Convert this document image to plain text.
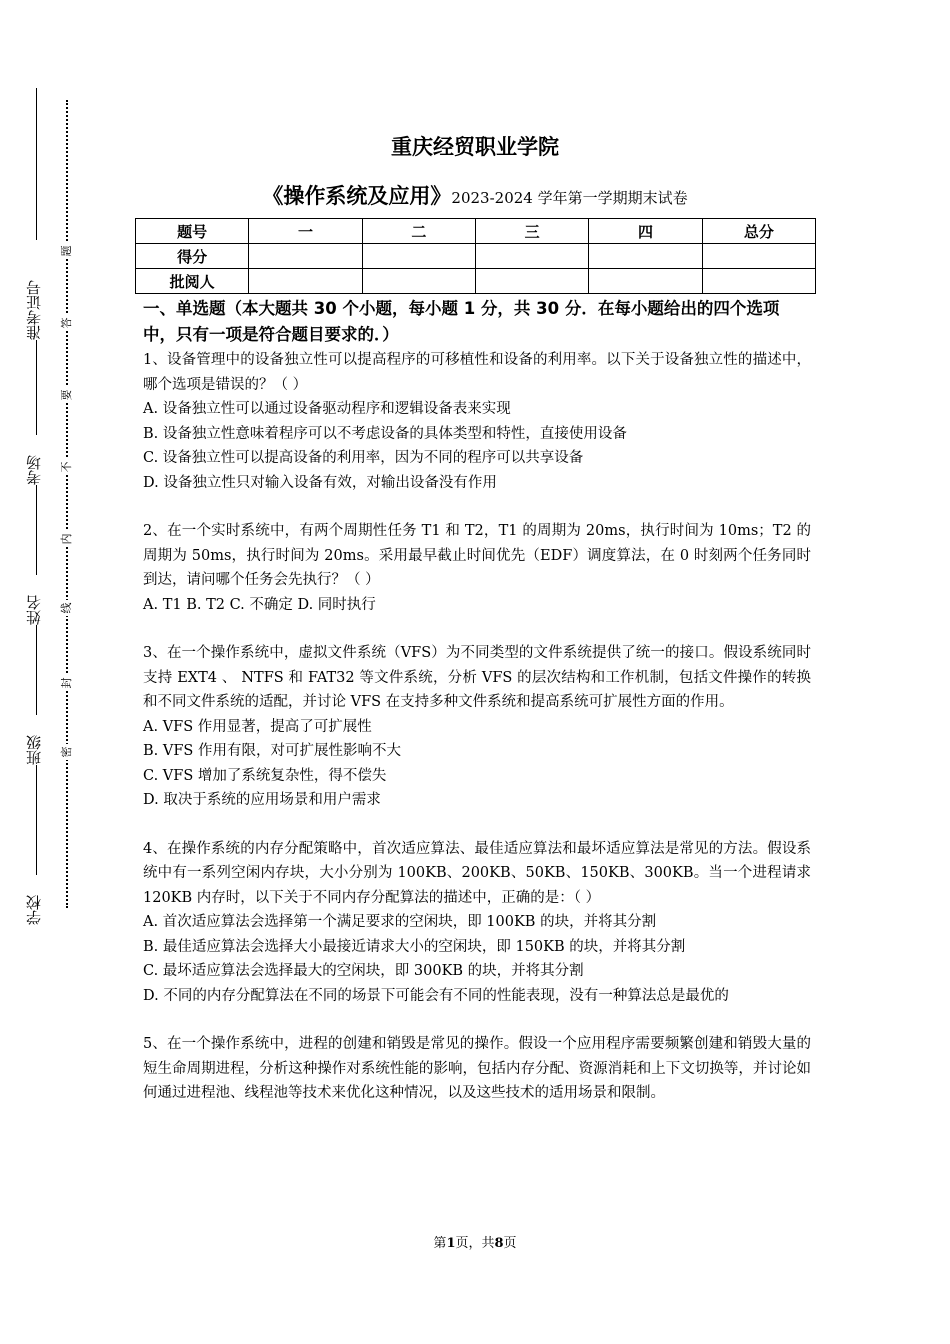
准考证号
考场
姓名
班级
学校
密
封
线
内
不
要
答
题
重庆经贸职业学院
《操作系统及应用》2023-2024 学年第一学期期末试卷
题号	一	二	三	四	总分
得分					
批阅人					
一、单选题（本大题共 30 个小题，每小题 1 分，共 30 分．在每小题给出的四个选项中，只有一项是符合题目要求的．）

1、设备管理中的设备独立性可以提高程序的可移植性和设备的利用率。以下关于设备独立性的描述中，哪个选项是错误的？（ ）

A. 设备独立性可以通过设备驱动程序和逻辑设备表来实现

B. 设备独立性意味着程序可以不考虑设备的具体类型和特性，直接使用设备

C. 设备独立性可以提高设备的利用率，因为不同的程序可以共享设备

D. 设备独立性只对输入设备有效，对输出设备没有作用

2、在一个实时系统中，有两个周期性任务 T1 和 T2，T1 的周期为 20ms，执行时间为 10ms；T2 的周期为 50ms，执行时间为 20ms。采用最早截止时间优先（EDF）调度算法，在 0 时刻两个任务同时到达，请问哪个任务会先执行？（ ）

A. T1 B. T2 C. 不确定 D. 同时执行

3、在一个操作系统中，虚拟文件系统（VFS）为不同类型的文件系统提供了统一的接口。假设系统同时支持 EXT4 、 NTFS 和 FAT32 等文件系统，分析 VFS 的层次结构和工作机制，包括文件操作的转换和不同文件系统的适配，并讨论 VFS 在支持多种文件系统和提高系统可扩展性方面的作用。

A. VFS 作用显著，提高了可扩展性

B. VFS 作用有限，对可扩展性影响不大

C. VFS 增加了系统复杂性，得不偿失

D. 取决于系统的应用场景和用户需求

4、在操作系统的内存分配策略中，首次适应算法、最佳适应算法和最坏适应算法是常见的方法。假设系统中有一系列空闲内存块，大小分别为 100KB、200KB、50KB、150KB、300KB。当一个进程请求 120KB 内存时，以下关于不同内存分配算法的描述中，正确的是：（ ）

A. 首次适应算法会选择第一个满足要求的空闲块，即 100KB 的块，并将其分割

B. 最佳适应算法会选择大小最接近请求大小的空闲块，即 150KB 的块，并将其分割

C. 最坏适应算法会选择最大的空闲块，即 300KB 的块，并将其分割

D. 不同的内存分配算法在不同的场景下可能会有不同的性能表现，没有一种算法总是最优的

5、在一个操作系统中，进程的创建和销毁是常见的操作。假设一个应用程序需要频繁创建和销毁大量的短生命周期进程，分析这种操作对系统性能的影响，包括内存分配、资源消耗和上下文切换等，并讨论如何通过进程池、线程池等技术来优化这种情况，以及这些技术的适用场景和限制。

第1页，共8页
